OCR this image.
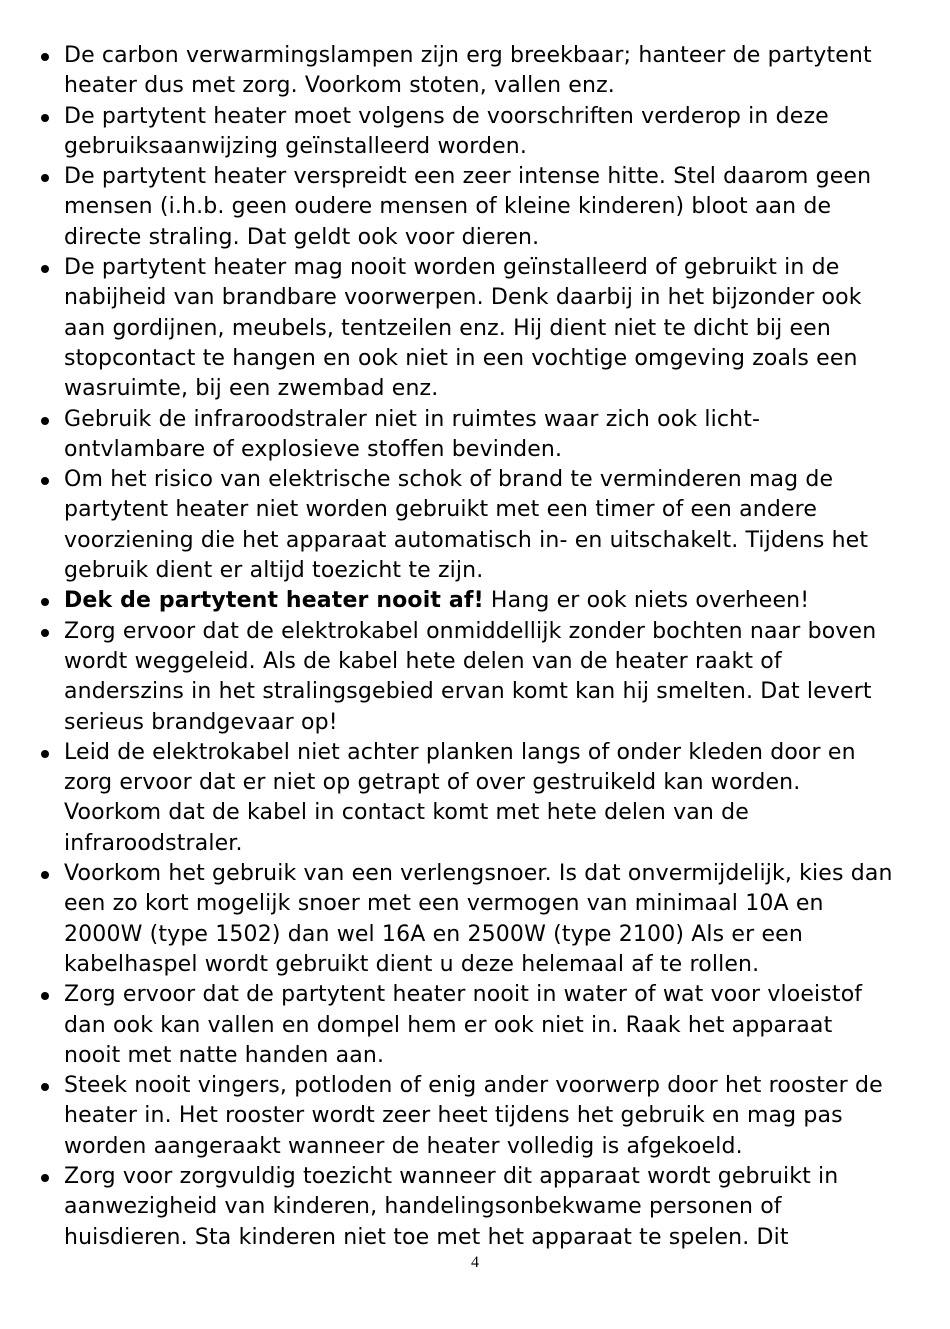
De carbon verwarmingslampen zijn erg breekbaar; hanteer de partytent heater dus met zorg. Voorkom stoten, vallen enz.
De partytent heater moet volgens de voorschriften verderop in deze gebruiksaanwijzing geïnstalleerd worden.
De partytent heater verspreidt een zeer intense hitte. Stel daarom geen mensen (i.h.b. geen oudere mensen of kleine kinderen) bloot aan de directe straling. Dat geldt ook voor dieren.
De partytent heater mag nooit worden geïnstalleerd of gebruikt in de nabijheid van brandbare voorwerpen. Denk daarbij in het bijzonder ook aan gordijnen, meubels, tentzeilen enz. Hij dient niet te dicht bij een stopcontact te hangen en ook niet in een vochtige omgeving zoals een wasruimte, bij een zwembad enz.
Gebruik de infraroodstraler niet in ruimtes waar zich ook licht-ontvlambare of explosieve stoffen bevinden.
Om het risico van elektrische schok of brand te verminderen mag de partytent heater niet worden gebruikt met een timer of een andere voorziening die het apparaat automatisch in- en uitschakelt. Tijdens het gebruik dient er altijd toezicht te zijn.
Dek de partytent heater nooit af! Hang er ook niets overheen!
Zorg ervoor dat de elektrokabel onmiddellijk zonder bochten naar boven wordt weggeleid. Als de kabel hete delen van de heater raakt of anderszins in het stralingsgebied ervan komt kan hij smelten. Dat levert serieus brandgevaar op!
Leid de elektrokabel niet achter planken langs of onder kleden door en zorg ervoor dat er niet op getrapt of over gestruikeld kan worden. Voorkom dat de kabel in contact komt met hete delen van de infraroodstraler.
Voorkom het gebruik van een verlengsnoer. Is dat onvermijdelijk, kies dan een zo kort mogelijk snoer met een vermogen van minimaal 10A en 2000W (type 1502) dan wel 16A en 2500W (type 2100) Als er een kabelhaspel wordt gebruikt dient u deze helemaal af te rollen.
Zorg ervoor dat de partytent heater nooit in water of wat voor vloeistof dan ook kan vallen en dompel hem er ook niet in. Raak het apparaat nooit met natte handen aan.
Steek nooit vingers, potloden of enig ander voorwerp door het rooster de heater in. Het rooster wordt zeer heet tijdens het gebruik en mag pas worden aangeraakt wanneer de heater volledig is afgekoeld.
Zorg voor zorgvuldig toezicht wanneer dit apparaat wordt gebruikt in aanwezigheid van kinderen, handelingsonbekwame personen of huisdieren. Sta kinderen niet toe met het apparaat te spelen. Dit
4
